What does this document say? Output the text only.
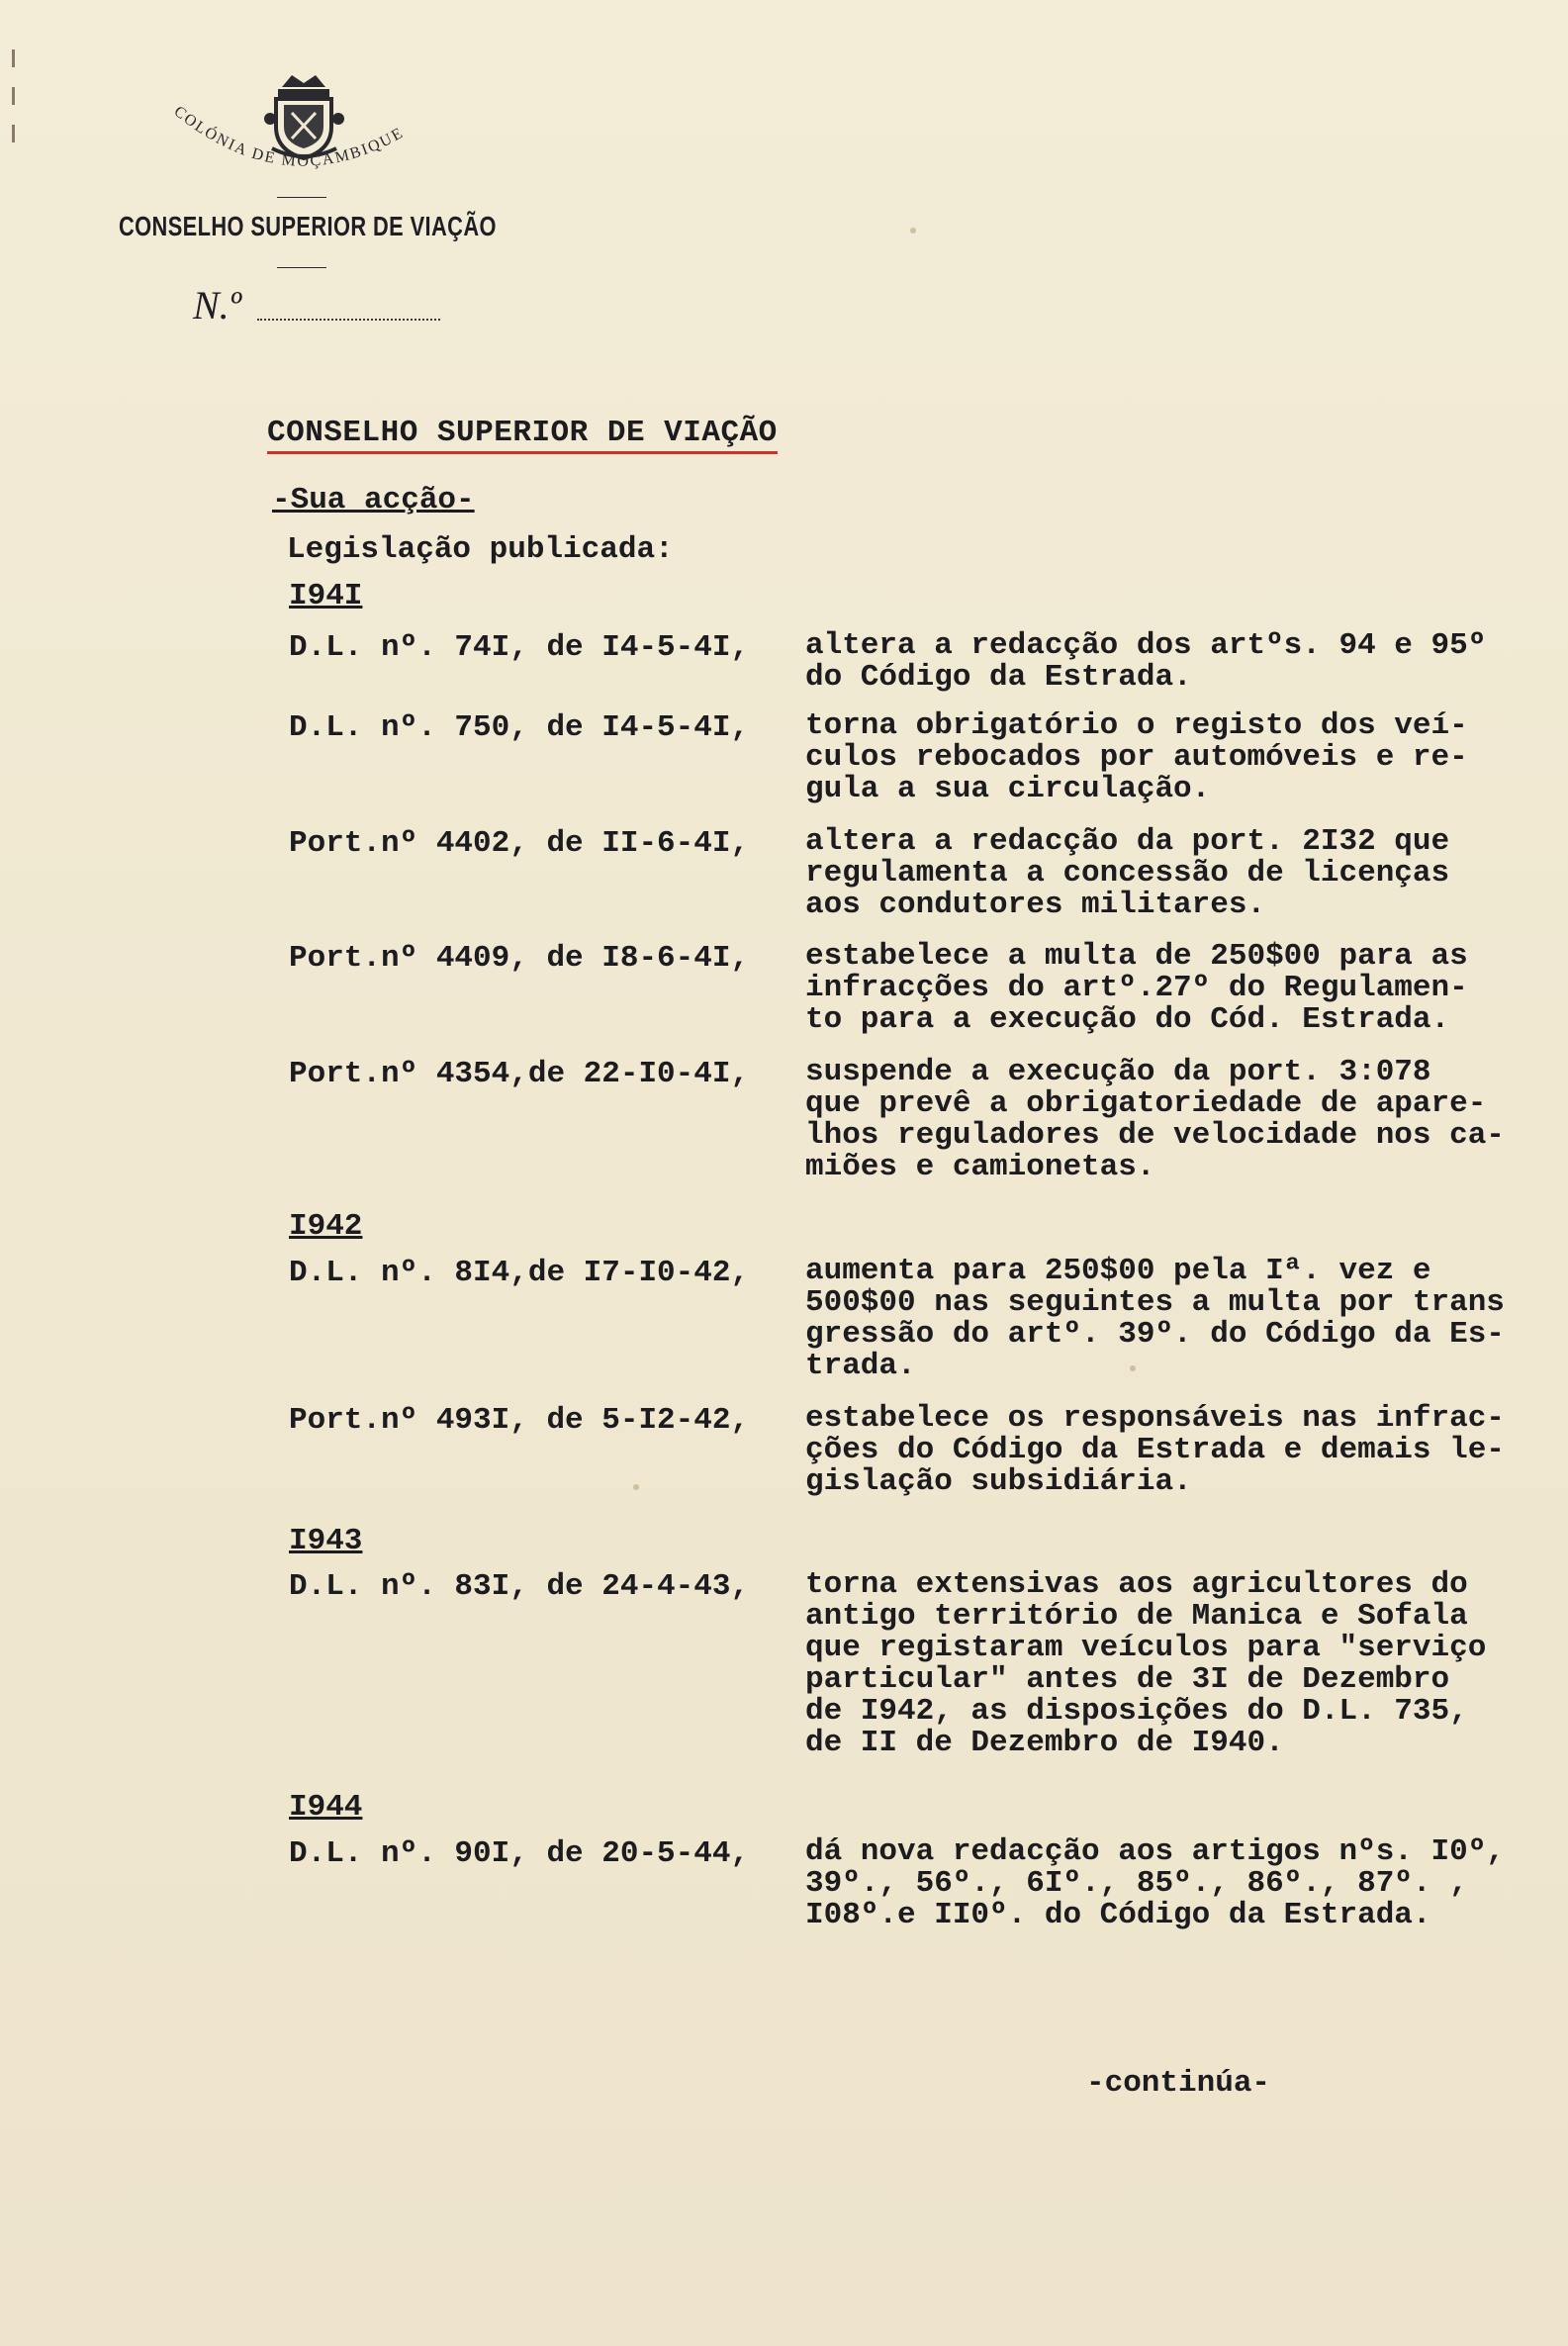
COLÓNIA DE MOÇAMBIQUE
CONSELHO SUPERIOR DE VIAÇÃO
N.º
CONSELHO SUPERIOR DE VIAÇÃO
-Sua acção-
Legislação publicada:
I94I
D.L. nº. 74I, de I4-5-4I, altera a redacção dos artºs. 94 e 95º
do Código da Estrada.
D.L. nº. 750, de I4-5-4I, torna obrigatório o registo dos veí-
culos rebocados por automóveis e re-
gula a sua circulação.
Port.nº 4402, de II-6-4I, altera a redacção da port. 2I32 que
regulamenta a concessão de licenças
aos condutores militares.
Port.nº 4409, de I8-6-4I, estabelece a multa de 250$00 para as
infracções do artº.27º do Regulamen-
to para a execução do Cód. Estrada.
Port.nº 4354,de 22-I0-4I, suspende a execução da port. 3:078
que prevê a obrigatoriedade de apare-
lhos reguladores de velocidade nos ca-
miões e camionetas.
I942
D.L. nº. 8I4,de I7-I0-42, aumenta para 250$00 pela Iª. vez e
500$00 nas seguintes a multa por trans
gressão do artº. 39º. do Código da Es-
trada.
Port.nº 493I, de 5-I2-42, estabelece os responsáveis nas infrac-
ções do Código da Estrada e demais le-
gislação subsidiária.
I943
D.L. nº. 83I, de 24-4-43, torna extensivas aos agricultores do
antigo território de Manica e Sofala
que registaram veículos para "serviço
particular" antes de 3I de Dezembro
de I942, as disposições do D.L. 735,
de II de Dezembro de I940.
I944
D.L. nº. 90I, de 20-5-44, dá nova redacção aos artigos nºs. I0º,
39º., 56º., 6Iº., 85º., 86º., 87º. ,
I08º.e II0º. do Código da Estrada.
-continúa-
